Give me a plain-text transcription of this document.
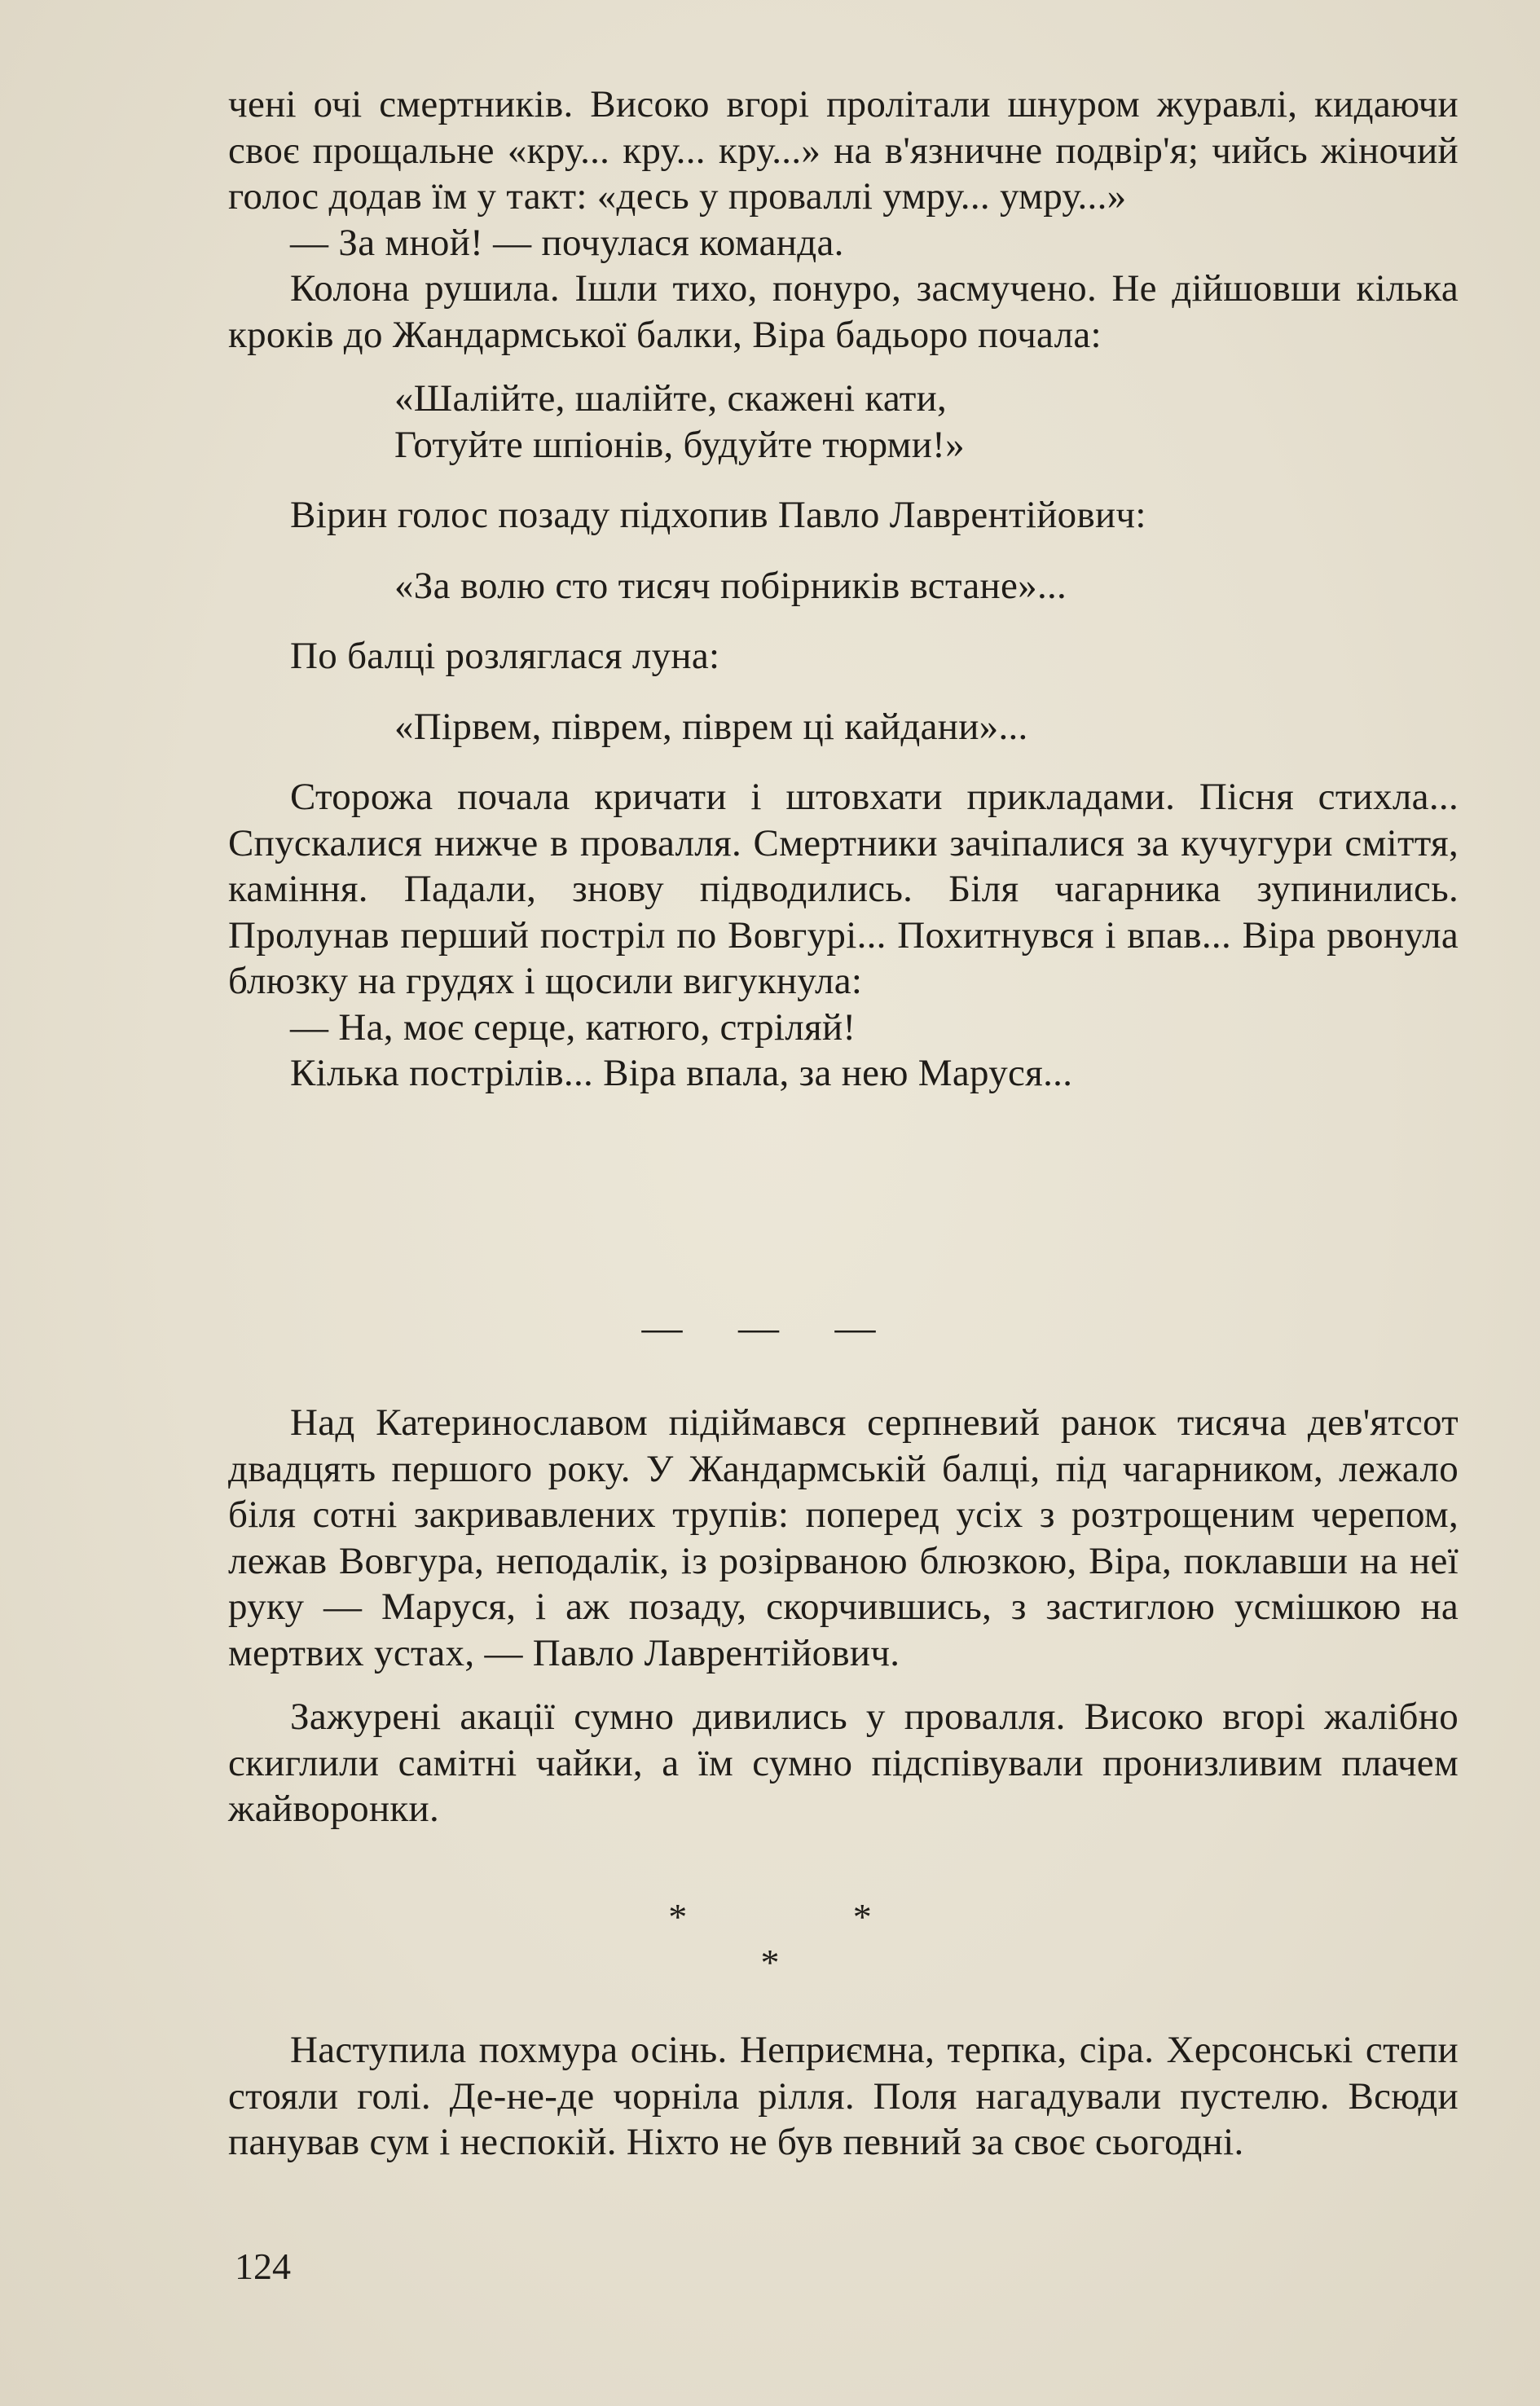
чені очі смертників. Високо вгорі пролітали шнуром журавлі, кидаючи своє прощальне «кру... кру... кру...» на в'язничне подвір'я; чийсь жіночий голос додав їм у такт: «десь у проваллі умру... умру...»

— За мной! — почулася команда.

Колона рушила. Ішли тихо, понуро, засмучено. Не дійшовши кілька кроків до Жандармської балки, Віра бадьоро почала:

«Шалійте, шалійте, скажені кати,
Готуйте шпіонів, будуйте тюрми!»

Вірин голос позаду підхопив Павло Лаврентійович:

«За волю сто тисяч побірників встане»...

По балці розляглася луна:

«Пірвем, піврем, піврем ці кайдани»...

Сторожа почала кричати і штовхати прикладами. Пісня стихла... Спускалися нижче в провалля. Смертники зачіпалися за кучугури сміття, каміння. Падали, знову підводились. Біля чагарника зупинились. Пролунав перший постріл по Вовгурі... Похитнувся і впав... Віра рвонула блюзку на грудях і щосили вигукнула:

— На, моє серце, катюго, стріляй!

Кілька пострілів... Віра впала, за нею Маруся...

— — —

Над Катеринославом підіймався серпневий ранок тисяча дев'ятсот двадцять першого року. У Жандармській балці, під чагарником, лежало біля сотні закривавлених трупів: поперед усіх з розтрощеним черепом, лежав Вовгура, неподалік, із розірваною блюзкою, Віра, поклавши на неї руку — Маруся, і аж позаду, скорчившись, з застиглою усмішкою на мертвих устах, — Павло Лаврентійович.

Зажурені акації сумно дивились у провалля. Високо вгорі жалібно скиглили самітні чайки, а їм сумно підспівували пронизливим плачем жайворонки.

* *
*

Наступила похмура осінь. Неприємна, терпка, сіра. Херсонські степи стояли голі. Де-не-де чорніла рілля. Поля нагадували пустелю. Всюди панував сум і неспокій. Ніхто не був певний за своє сьогодні.

124
